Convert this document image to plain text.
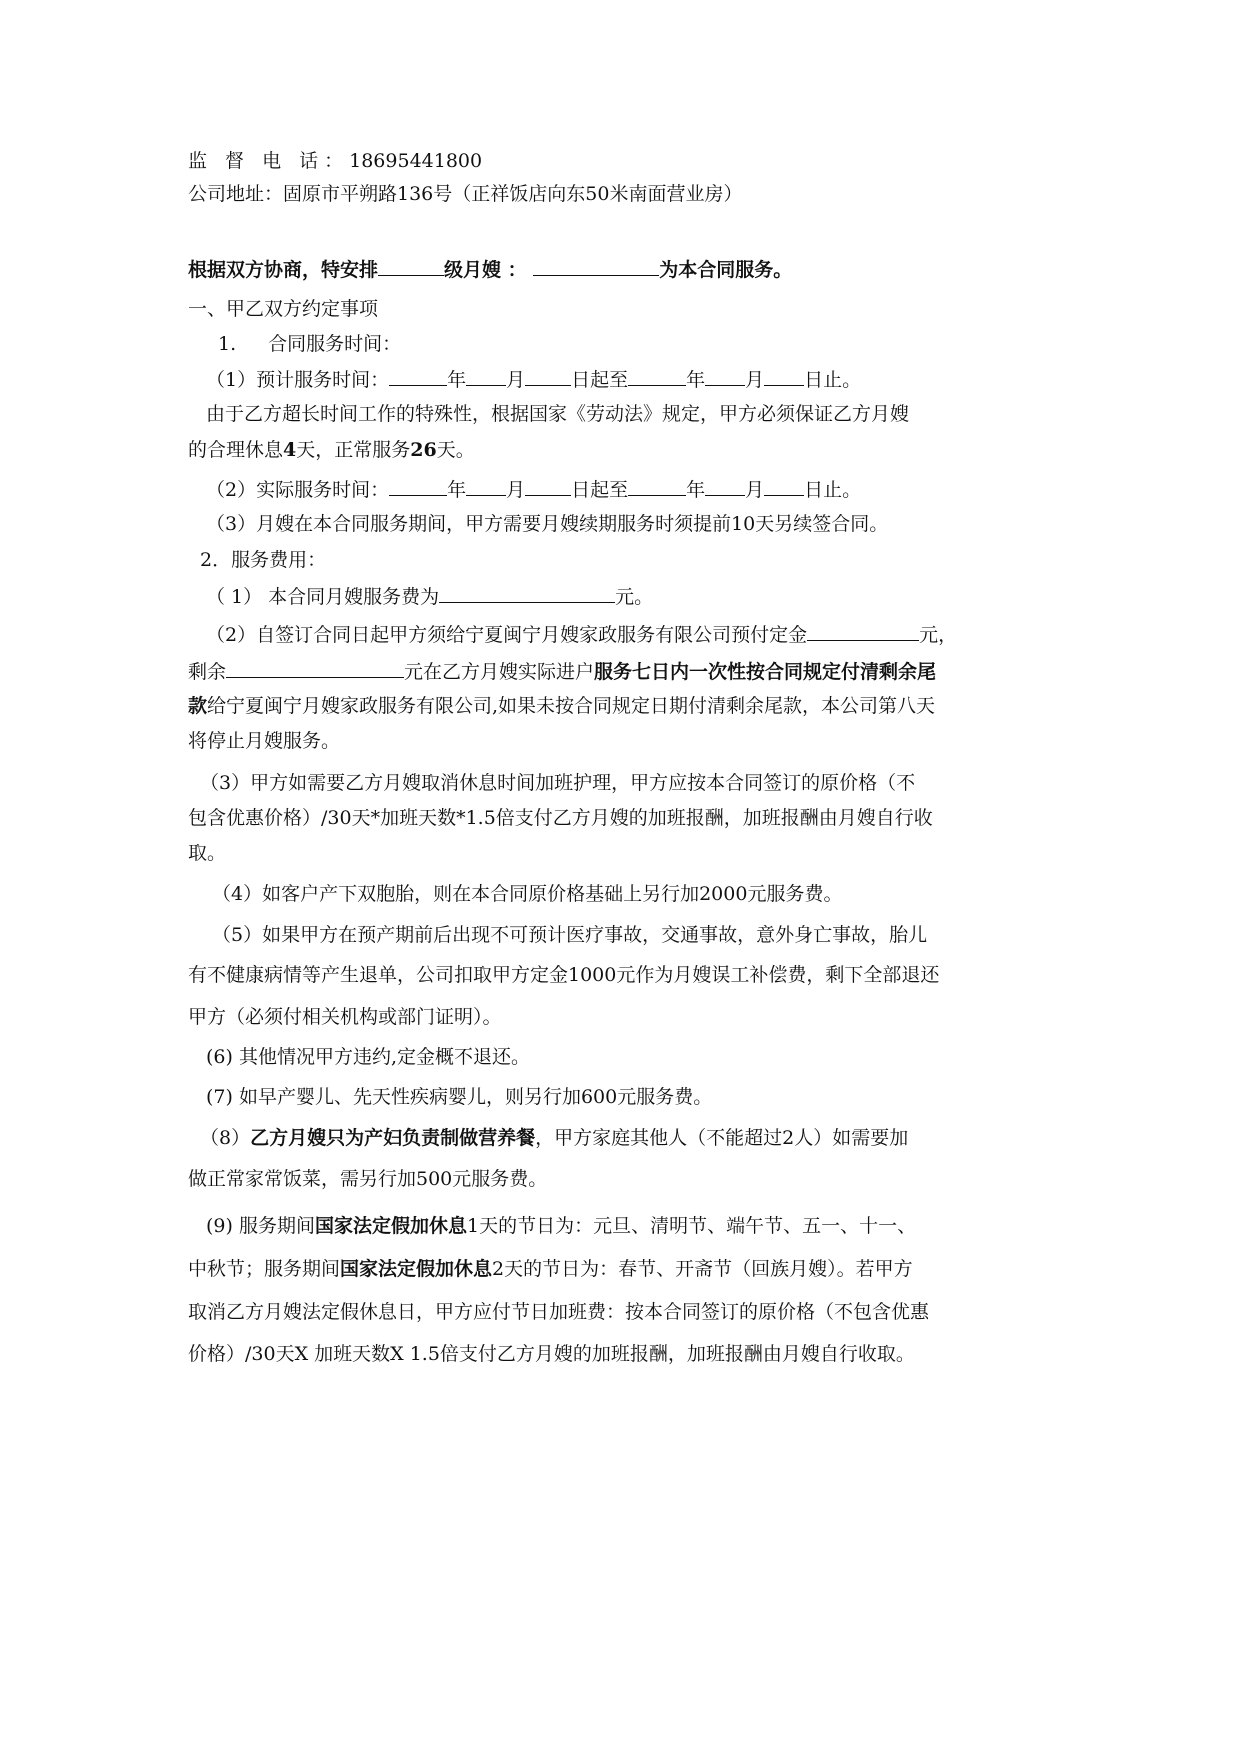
监 督 电 话：18695441800
公司地址：固原市平朔路136号（正祥饭店向东50米南面营业房）
根据双方协商，特安排	级月嫂 ：	为本合同服务。
一、甲乙双方约定事项
1. 合同服务时间：
（1）预计服务时间：	年 月 日起至	年 月 日止。
由于乙方超长时间工作的特殊性，根据国家《劳动法》规定，甲方必须保证乙方月嫂
的合理休息4天，正常服务26天。
（2）实际服务时间：	年 月 日起至	年 月 日止。
（3）月嫂在本合同服务期间，甲方需要月嫂续期服务时须提前10天另续签合同。
2．服务费用：
（ 1） 本合同月嫂服务费为	元。
（2）自签订合同日起甲方须给宁夏闽宁月嫂家政服务有限公司预付定金	元，
剩余	元在乙方月嫂实际进户服务七日内一次性按合同规定付清剩余尾
款给宁夏闽宁月嫂家政服务有限公司,如果未按合同规定日期付清剩余尾款，本公司第八天
将停止月嫂服务。
（3）甲方如需要乙方月嫂取消休息时间加班护理，甲方应按本合同签订的原价格（不
包含优惠价格）/30天*加班天数*1.5倍支付乙方月嫂的加班报酬，加班报酬由月嫂自行收
取。
（4）如客户产下双胞胎，则在本合同原价格基础上另行加2000元服务费。
（5）如果甲方在预产期前后出现不可预计医疗事故，交通事故，意外身亡事故，胎儿
有不健康病情等产生退单，公司扣取甲方定金1000元作为月嫂误工补偿费，剩下全部退还
甲方（必须付相关机构或部门证明）。
(6) 其他情况甲方违约,定金概不退还。
(7) 如早产婴儿、先天性疾病婴儿，则另行加600元服务费。
（8）乙方月嫂只为产妇负责制做营养餐，甲方家庭其他人（不能超过2人）如需要加
做正常家常饭菜，需另行加500元服务费。
(9) 服务期间国家法定假加休息1天的节日为：元旦、清明节、端午节、五一、十一、
中秋节；服务期间国家法定假加休息2天的节日为：春节、开斋节（回族月嫂）。若甲方
取消乙方月嫂法定假休息日，甲方应付节日加班费：按本合同签订的原价格（不包含优惠
价格）/30天X 加班天数X 1.5倍支付乙方月嫂的加班报酬，加班报酬由月嫂自行收取。
